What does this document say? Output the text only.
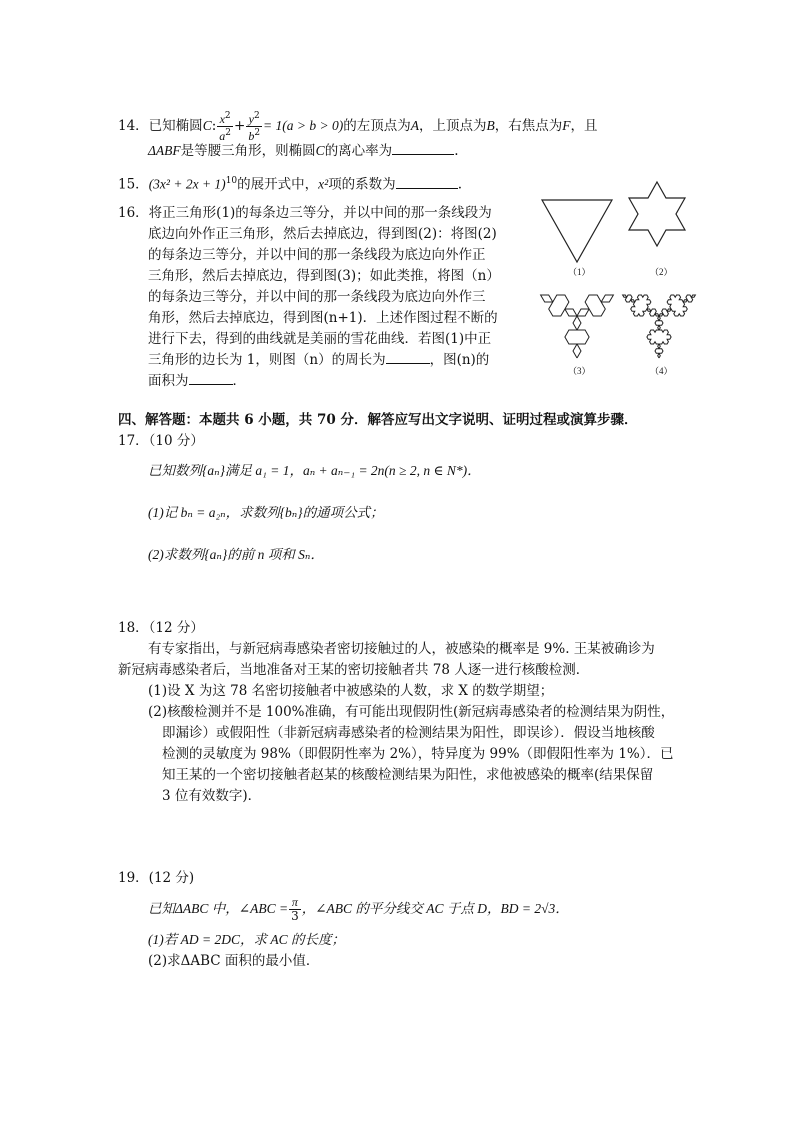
14．已知椭圆C: $\frac{x^2}{a^2} + \frac{y^2}{b^2} = 1(a > b > 0)$的左顶点为A，上顶点为B，右焦点为F，且
ΔABF是等腰三角形，则椭圆C的离心率为	.
15．$(3x^2 + 2x + 1)^{10}$的展开式中，x²项的系数为	.
16．将正三角形(1)的每条边三等分，并以中间的那一条线段为
底边向外作正三角形，然后去掉底边，得到图(2)：将图(2)
的每条边三等分，并以中间的那一条线段为底边向外作正
三角形，然后去掉底边，得到图(3)；如此类推，将图（n）
的每条边三等分，并以中间的那一条线段为底边向外作三
角形，然后去掉底边，得到图(n+1)．上述作图过程不断的
进行下去，得到的曲线就是美丽的雪花曲线．若图(1)中正
三角形的边长为 1，则图（n）的周长为	，图(n)的
面积为	．
（1）	（2）
（3）	（4）
四、解答题：本题共 6 小题，共 70 分．解答应写出文字说明、证明过程或演算步骤．
17．（10 分）
已知数列{aₙ}满足 a₁ = 1，aₙ + aₙ₋₁ = 2n(n ≥ 2, n ∈ N*)．
(1)记 bₙ = a₂ₙ，求数列{bₙ}的通项公式；
(2)求数列{aₙ}的前 n 项和 Sₙ．
18．（12 分）
有专家指出，与新冠病毒感染者密切接触过的人，被感染的概率是 9%. 王某被确诊为
新冠病毒感染者后，当地准备对王某的密切接触者共 78 人逐一进行核酸检测．
(1)设 X 为这 78 名密切接触者中被感染的人数，求 X 的数学期望；
(2)核酸检测并不是 100%准确，有可能出现假阴性(新冠病毒感染者的检测结果为阴性，
即漏诊）或假阳性（非新冠病毒感染者的检测结果为阳性，即误诊）．假设当地核酸
检测的灵敏度为 98%（即假阴性率为 2%），特异度为 99%（即假阳性率为 1%）．已
知王某的一个密切接触者赵某的核酸检测结果为阳性，求他被感染的概率(结果保留
3 位有效数字)．
19．(12 分)
已知ΔABC 中，∠ABC = $\frac{\pi}{3}$ ，∠ABC 的平分线交 AC 于点 D，BD = 2√3．
(1)若 AD = 2DC，求 AC 的长度；
(2)求ΔABC 面积的最小值．
